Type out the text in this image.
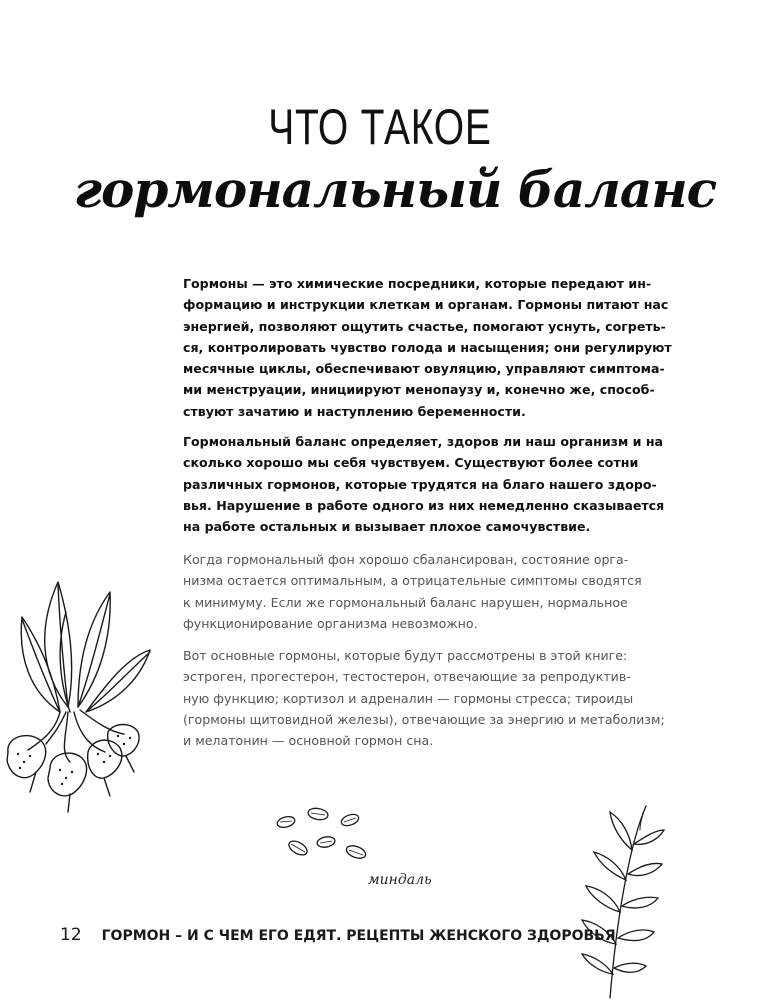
ЧТО ТАКОЕ
гормональный баланс
Гормоны — это химические посредники, которые передают ин-
формацию и инструкции клеткам и органам. Гормоны питают нас
энергией, позволяют ощутить счастье, помогают уснуть, согреть-
ся, контролировать чувство голода и насыщения; они регулируют
месячные циклы, обеспечивают овуляцию, управляют симптома-
ми менструации, инициируют менопаузу и, конечно же, способ-
ствуют зачатию и наступлению беременности.
Гормональный баланс определяет, здоров ли наш организм и на
сколько хорошо мы себя чувствуем. Существуют более сотни
различных гормонов, которые трудятся на благо нашего здоро-
вья. Нарушение в работе одного из них немедленно сказывается
на работе остальных и вызывает плохое самочувствие.
Когда гормональный фон хорошо сбалансирован, состояние орга-
низма остается оптимальным, а отрицательные симптомы сводятся
к минимуму. Если же гормональный баланс нарушен, нормальное
функционирование организма невозможно.
Вот основные гормоны, которые будут рассмотрены в этой книге:
эстроген, прогестерон, тестостерон, отвечающие за репродуктив-
ную функцию; кортизол и адреналин — гормоны стресса; тироиды
(гормоны щитовидной железы), отвечающие за энергию и метаболизм;
и мелатонин — основной гормон сна.
миндаль
12 ГОРМОН – И С ЧЕМ ЕГО ЕДЯТ. РЕЦЕПТЫ ЖЕНСКОГО ЗДОРОВЬЯ
